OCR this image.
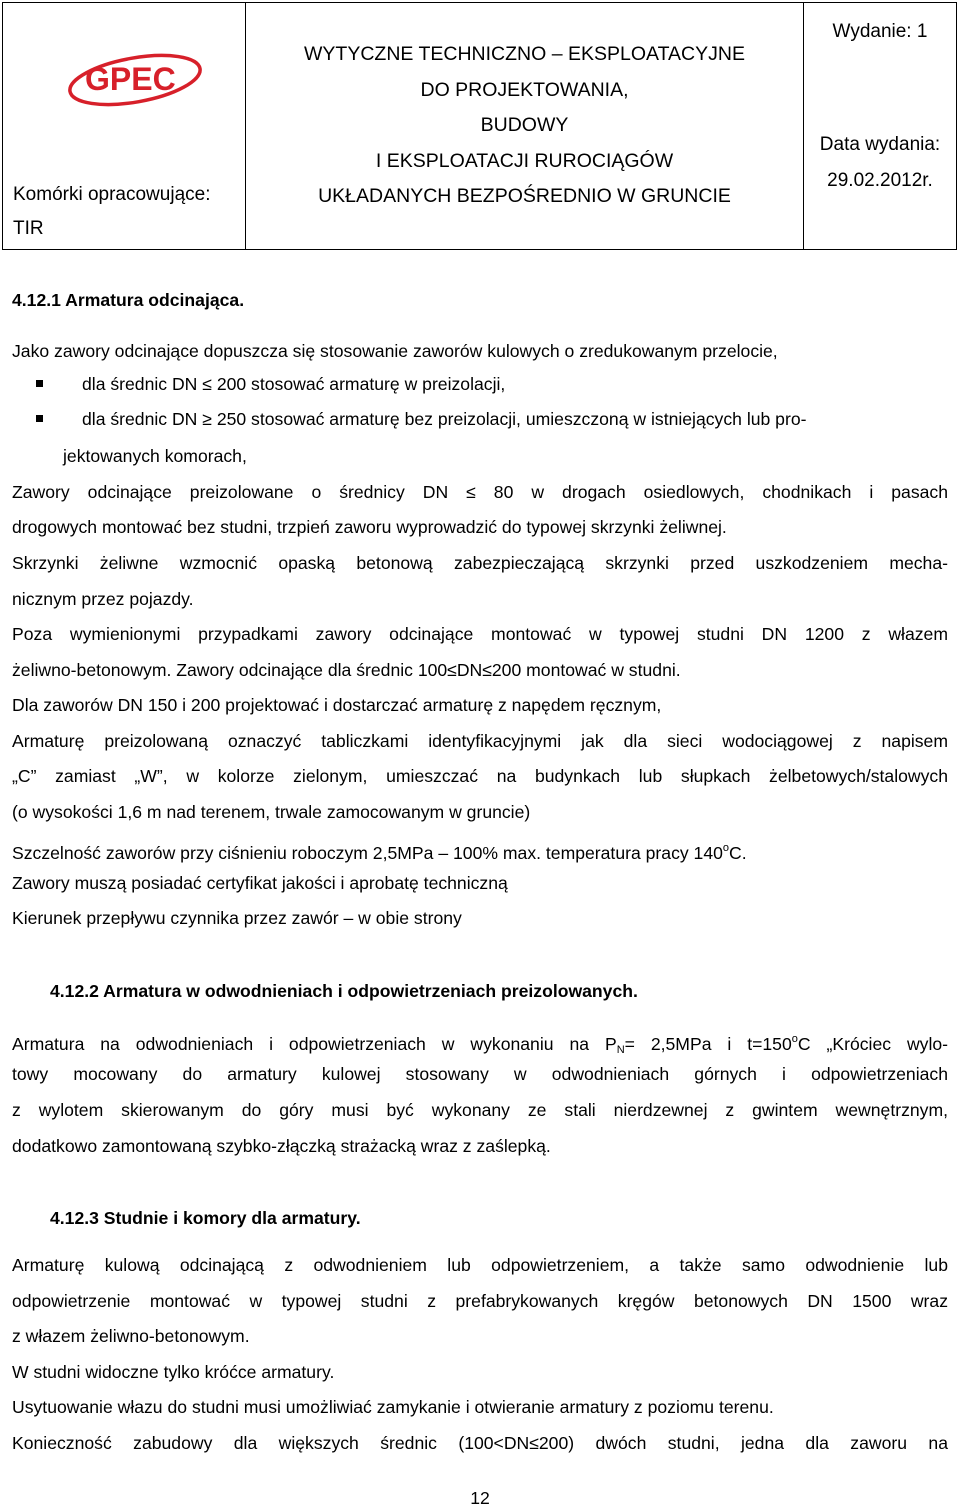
GPEC
Komórki opracowujące:
TIR
WYTYCZNE TECHNICZNO – EKSPLOATACYJNE
DO PROJEKTOWANIA,
BUDOWY
I EKSPLOATACJI RUROCIĄGÓW
UKŁADANYCH BEZPOŚREDNIO W GRUNCIE
Wydanie: 1
Data wydania:
29.02.2012r.
4.12.1 Armatura odcinająca.
Jako zawory odcinające dopuszcza się stosowanie zaworów kulowych o zredukowanym przelocie,
dla średnic DN ≤ 200 stosować armaturę w preizolacji,
dla średnic DN ≥ 250 stosować armaturę bez preizolacji, umieszczoną w istniejących lub pro-
jektowanych komorach,
Zawory odcinające preizolowane o średnicy DN ≤ 80 w drogach osiedlowych, chodnikach i pasach
drogowych montować bez studni, trzpień zaworu wyprowadzić do typowej skrzynki żeliwnej.
Skrzynki żeliwne wzmocnić opaską betonową zabezpieczającą skrzynki przed uszkodzeniem mecha-
nicznym przez pojazdy.
Poza wymienionymi przypadkami zawory odcinające montować w typowej studni DN 1200 z włazem
żeliwno-betonowym. Zawory odcinające dla średnic 100≤DN≤200 montować w studni.
Dla zaworów DN 150 i 200 projektować i dostarczać armaturę z napędem ręcznym,
Armaturę preizolowaną oznaczyć tabliczkami identyfikacyjnymi jak dla sieci wodociągowej z napisem
„C” zamiast „W”, w kolorze zielonym, umieszczać na budynkach lub słupkach żelbetowych/stalowych
(o wysokości 1,6 m nad terenem, trwale zamocowanym w gruncie)
Szczelność zaworów przy ciśnieniu roboczym 2,5MPa – 100% max. temperatura pracy 140$^o$C.
Zawory muszą posiadać certyfikat jakości i aprobatę techniczną
Kierunek przepływu czynnika przez zawór – w obie strony
4.12.2 Armatura w odwodnieniach i odpowietrzeniach preizolowanych.
Armatura na odwodnieniach i odpowietrzeniach w wykonaniu na $P_N= 2,5MPa$ i $t=150^oC$ „Króciec wylo-
towy mocowany do armatury kulowej stosowany w odwodnieniach górnych i odpowietrzeniach
z wylotem skierowanym do góry musi być wykonany ze stali nierdzewnej z gwintem wewnętrznym,
dodatkowo zamontowaną szybko-złączką strażacką wraz z zaślepką.
4.12.3 Studnie i komory dla armatury.
Armaturę kulową odcinającą z odwodnieniem lub odpowietrzeniem, a także samo odwodnienie lub
odpowietrzenie montować w typowej studni z prefabrykowanych kręgów betonowych DN 1500 wraz
z włazem żeliwno-betonowym.
W studni widoczne tylko króćce armatury.
Usytuowanie włazu do studni musi umożliwiać zamykanie i otwieranie armatury z poziomu terenu.
Konieczność zabudowy dla większych średnic (100<DN≤200) dwóch studni, jedna dla zaworu na
12
